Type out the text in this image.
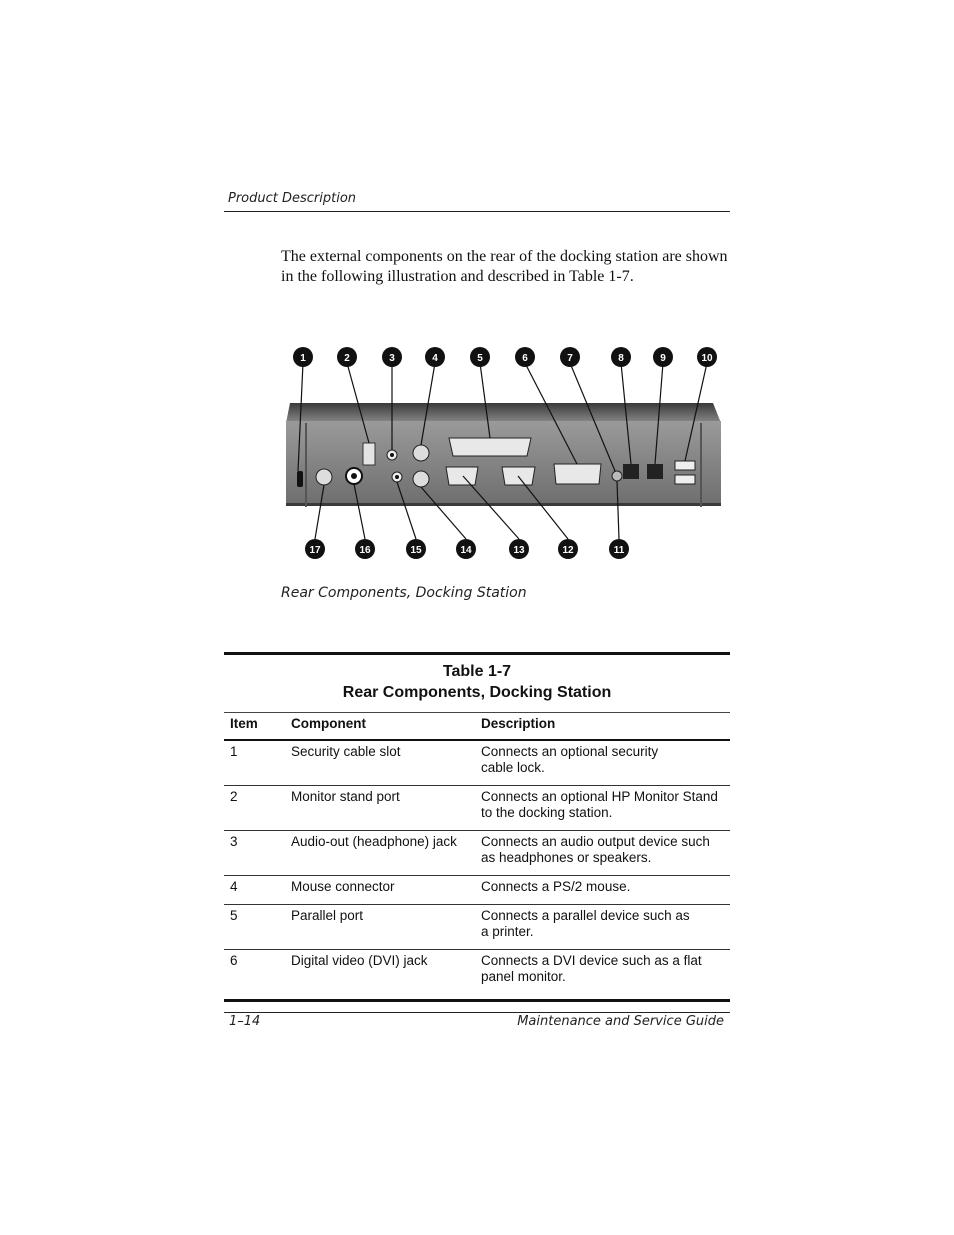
Product Description
The external components on the rear of the docking station are shown in the following illustration and described in Table 1-7.
1	2	3	4	5	6	7	8	9	10
17	16	15	14	13	12	11
Rear Components, Docking Station
Table 1-7
Rear Components, Docking Station
Item	Component	Description
1	Security cable slot	Connects an optional security
cable lock.

2	Monitor stand port	Connects an optional HP Monitor Stand
to the docking station.

3	Audio-out (headphone) jack	Connects an audio output device such
as headphones or speakers.

4	Mouse connector	Connects a PS/2 mouse.

5	Parallel port	Connects a parallel device such as
a printer.

6	Digital video (DVI) jack	Connects a DVI device such as a flat
panel monitor.
1–14	Maintenance and Service Guide
